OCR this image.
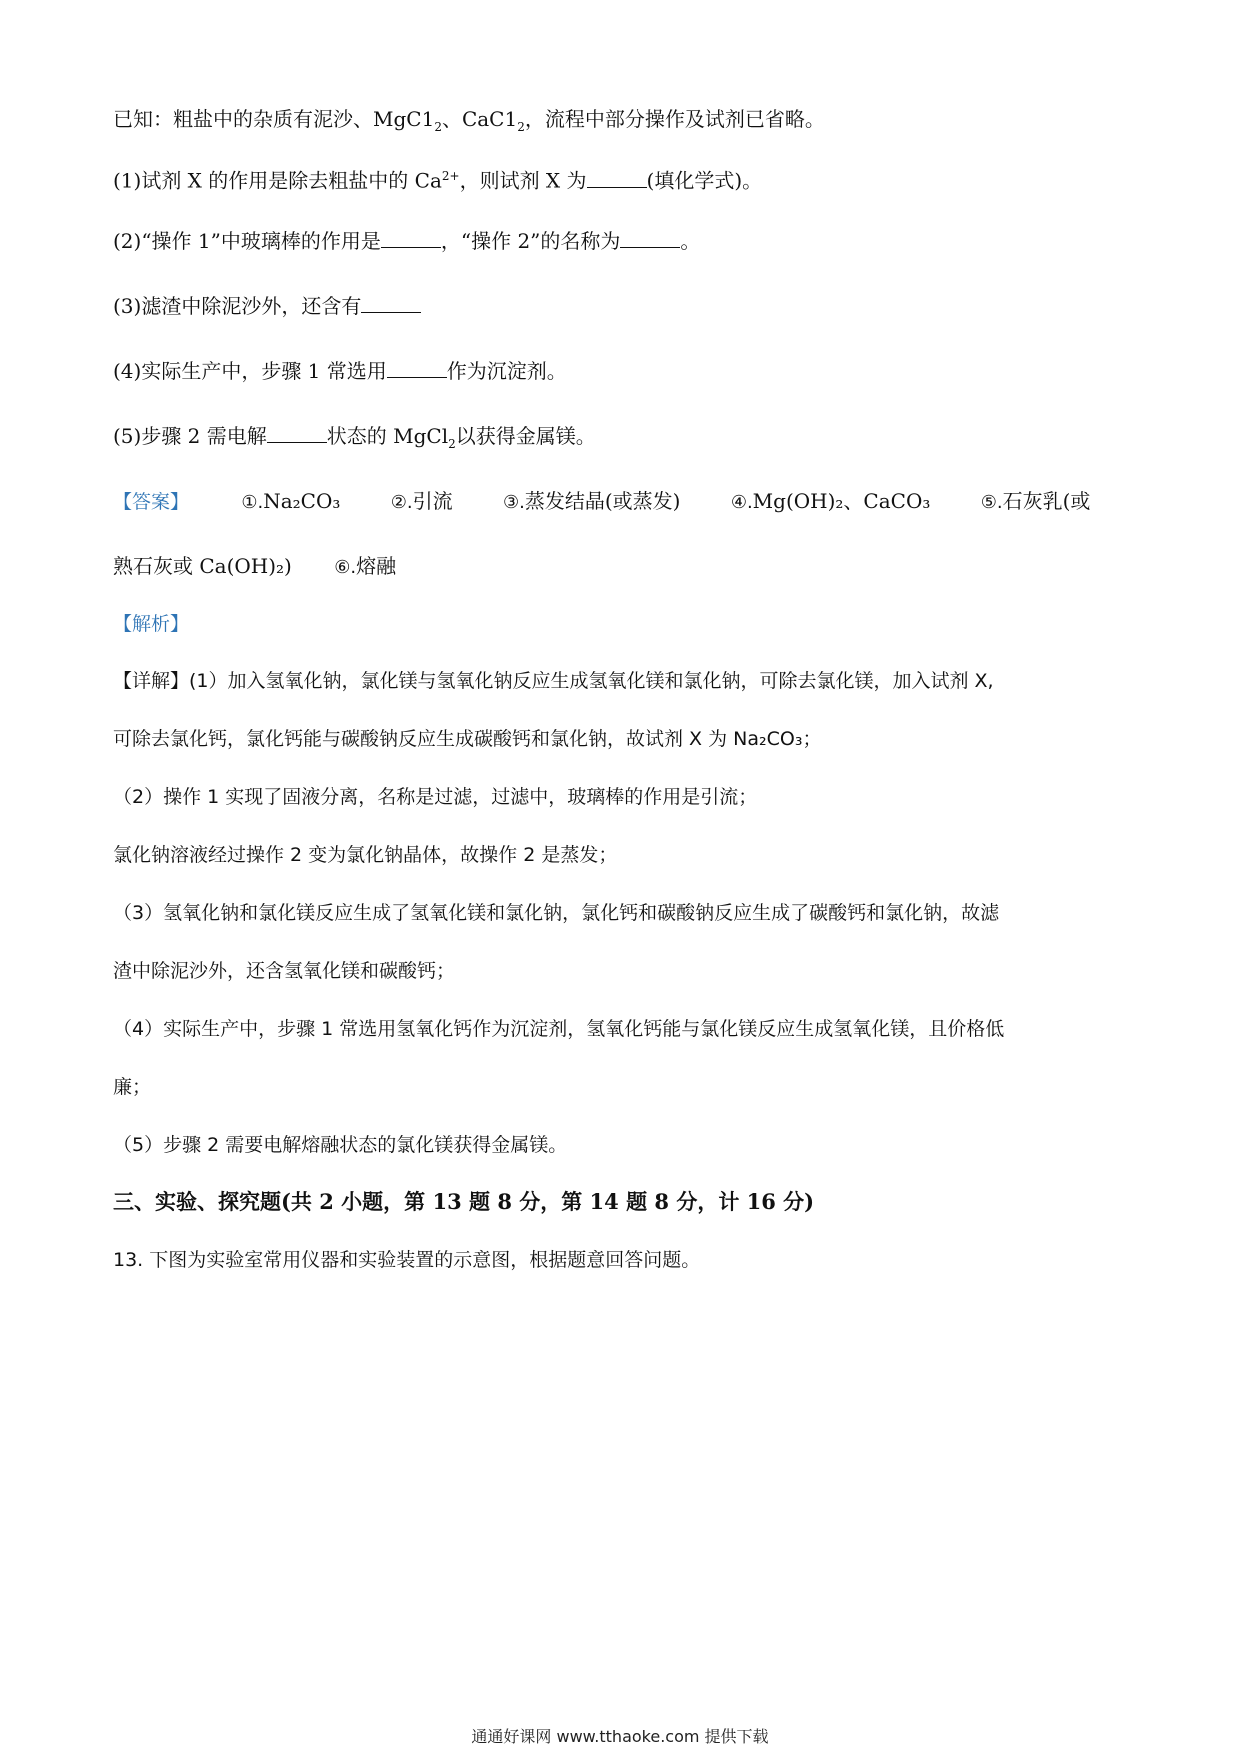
已知：粗盐中的杂质有泥沙、$MgC1_2$、$CaC1_2$，流程中部分操作及试剂已省略。
(1)试剂 X 的作用是除去粗盐中的 $Ca^{2+}$，则试剂 X 为	(填化学式)。
(2)“操作 1”中玻璃棒的作用是	，“操作 2”的名称为	。
(3)滤渣中除泥沙外，还含有
(4)实际生产中，步骤 1 常选用	作为沉淀剂。
(5)步骤 2 需电解	状态的 MgCl$_2$以获得金属镁。
【答案】	①.Na₂CO₃	②.引流	③.蒸发结晶(或蒸发)	④.Mg(OH)₂、CaCO₃	⑤.石灰乳(或
熟石灰或 Ca(OH)₂) ⑥.熔融
【解析】
【详解】(1）加入氢氧化钠，氯化镁与氢氧化钠反应生成氢氧化镁和氯化钠，可除去氯化镁，加入试剂 X,
可除去氯化钙，氯化钙能与碳酸钠反应生成碳酸钙和氯化钠，故试剂 X 为 Na₂CO₃；
（2）操作 1 实现了固液分离，名称是过滤，过滤中，玻璃棒的作用是引流；
氯化钠溶液经过操作 2 变为氯化钠晶体，故操作 2 是蒸发；
（3）氢氧化钠和氯化镁反应生成了氢氧化镁和氯化钠，氯化钙和碳酸钠反应生成了碳酸钙和氯化钠，故滤
渣中除泥沙外，还含氢氧化镁和碳酸钙；
（4）实际生产中，步骤 1 常选用氢氧化钙作为沉淀剂，氢氧化钙能与氯化镁反应生成氢氧化镁，且价格低
廉；
（5）步骤 2 需要电解熔融状态的氯化镁获得金属镁。
三、实验、探究题(共 2 小题，第 13 题 8 分，第 14 题 8 分，计 16 分)
13. 下图为实验室常用仪器和实验装置的示意图，根据题意回答问题。
通通好课网 www.tthaoke.com 提供下载
